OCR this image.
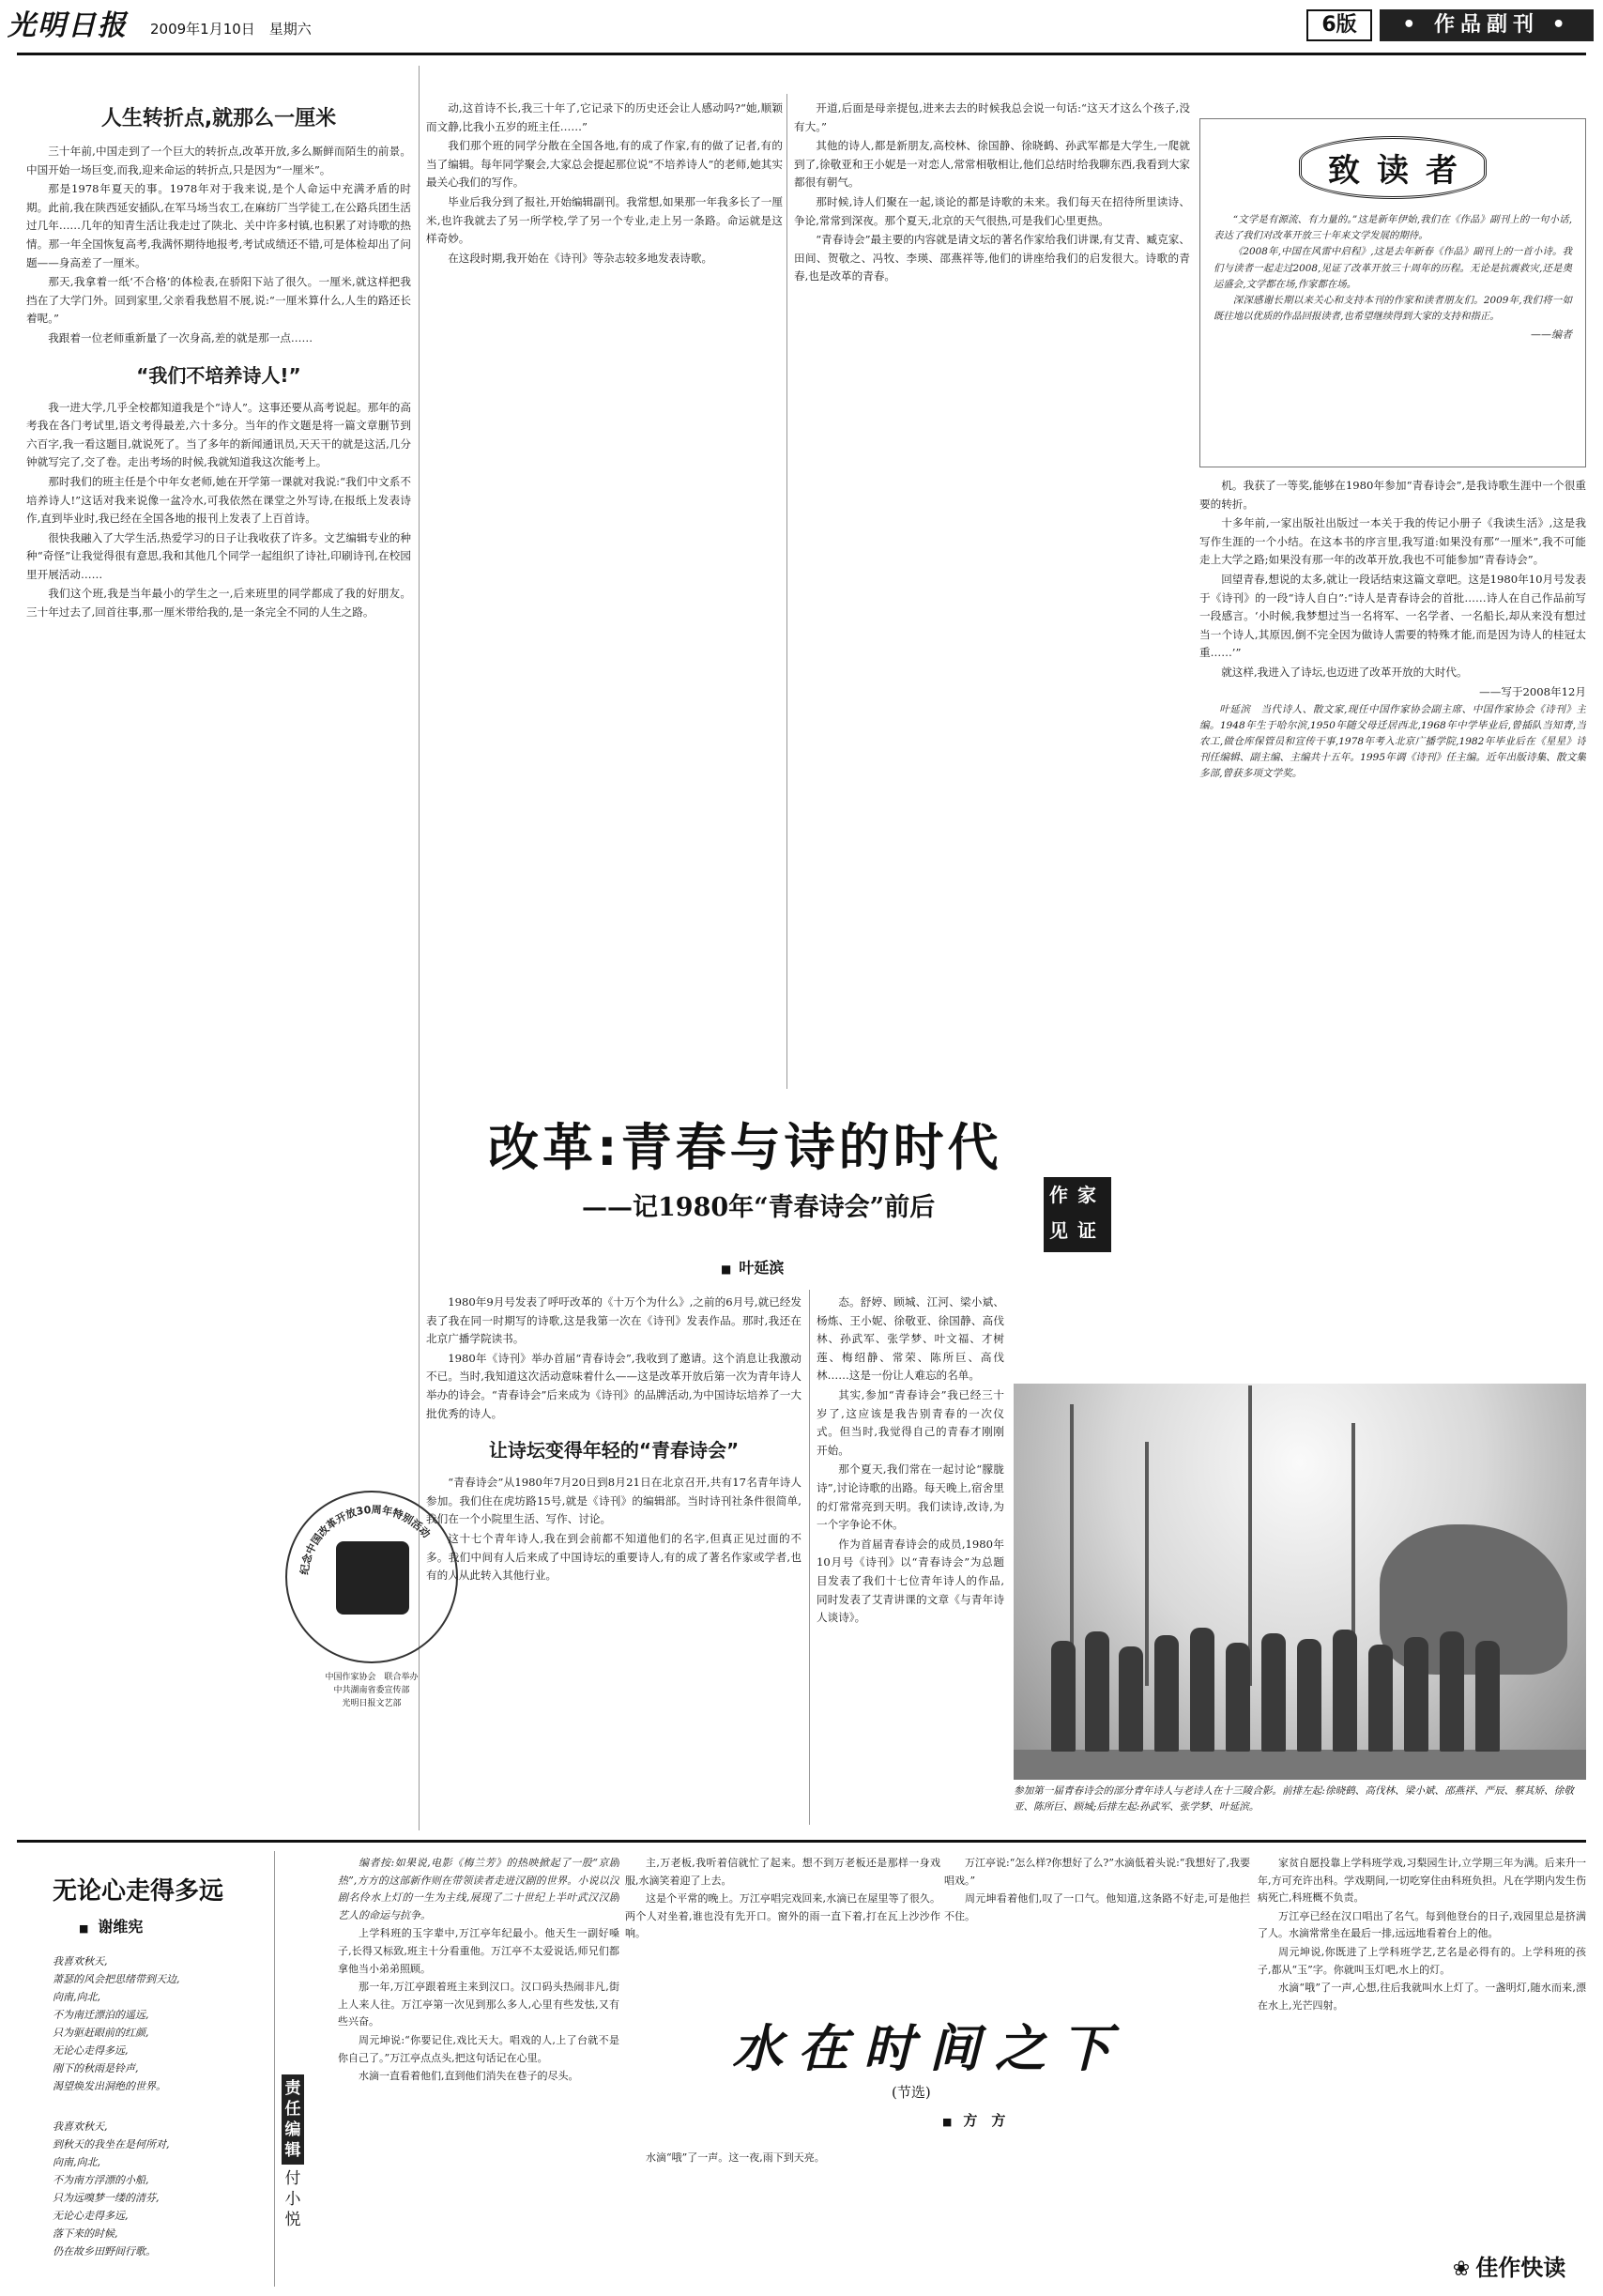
光明日报 2009年1月10日　星期六	6版	• 作品副刊 •
人生转折点,就那么一厘米

三十年前,中国走到了一个巨大的转折点,改革开放,多么厮鲜而陌生的前景。中国开始一场巨变,而我,迎来命运的转折点,只是因为“一厘米”。

那是1978年夏天的事。1978年对于我来说,是个人命运中充满矛盾的时期。此前,我在陕西延安插队,在军马场当农工,在麻纺厂当学徒工,在公路兵团生活过几年……几年的知青生活让我走过了陕北、关中许多村镇,也积累了对诗歌的热情。那一年全国恢复高考,我满怀期待地报考,考试成绩还不错,可是体检却出了问题——身高差了一厘米。

那天,我拿着一纸‘不合格’的体检表,在骄阳下站了很久。一厘米,就这样把我挡在了大学门外。回到家里,父亲看我愁眉不展,说:“一厘米算什么,人生的路还长着呢。”

我跟着一位老师重新量了一次身高,差的就是那一点……

“我们不培养诗人!”

我一进大学,几乎全校都知道我是个“诗人”。这事还要从高考说起。那年的高考我在各门考试里,语文考得最差,六十多分。当年的作文题是将一篇文章删节到六百字,我一看这题目,就说死了。当了多年的新闻通讯员,天天干的就是这活,几分钟就写完了,交了卷。走出考场的时候,我就知道我这次能考上。

那时我们的班主任是个中年女老师,她在开学第一课就对我说:“我们中文系不培养诗人!”这话对我来说像一盆冷水,可我依然在课堂之外写诗,在报纸上发表诗作,直到毕业时,我已经在全国各地的报刊上发表了上百首诗。

很快我融入了大学生活,热爱学习的日子让我收获了许多。文艺编辑专业的种种“奇怪”让我觉得很有意思,我和其他几个同学一起组织了诗社,印刷诗刊,在校园里开展活动……

我们这个班,我是当年最小的学生之一,后来班里的同学都成了我的好朋友。三十年过去了,回首往事,那一厘米带给我的,是一条完全不同的人生之路。

动,这首诗不长,我三十年了,它记录下的历史还会让人感动吗?“她,顺颖而文静,比我小五岁的班主任……”

我们那个班的同学分散在全国各地,有的成了作家,有的做了记者,有的当了编辑。每年同学聚会,大家总会提起那位说“不培养诗人”的老师,她其实最关心我们的写作。

毕业后我分到了报社,开始编辑副刊。我常想,如果那一年我多长了一厘米,也许我就去了另一所学校,学了另一个专业,走上另一条路。命运就是这样奇妙。

在这段时期,我开始在《诗刊》等杂志较多地发表诗歌。

开道,后面是母亲提包,进来去去的时候我总会说一句话:“这天才这么个孩子,没有大。”

其他的诗人,都是新朋友,高校林、徐国静、徐晓鹤、孙武军都是大学生,一爬就到了,徐敬亚和王小妮是一对恋人,常常相敬相让,他们总结时给我聊东西,我看到大家都很有朝气。

那时候,诗人们聚在一起,谈论的都是诗歌的未来。我们每天在招待所里读诗、争论,常常到深夜。那个夏天,北京的天气很热,可是我们心里更热。

“青春诗会”最主要的内容就是请文坛的著名作家给我们讲课,有艾青、臧克家、田间、贺敬之、冯牧、李瑛、邵燕祥等,他们的讲座给我们的启发很大。诗歌的青春,也是改革的青春。

致读者

“文学是有源流、有力量的。”这是新年伊始,我们在《作品》副刊上的一句小话,表达了我们对改革开放三十年来文学发展的期待。

《2008年,中国在风雷中启程》,这是去年新春《作品》副刊上的一首小诗。我们与读者一起走过2008,见证了改革开放三十周年的历程。无论是抗震救灾,还是奥运盛会,文学都在场,作家都在场。

深深感谢长期以来关心和支持本刊的作家和读者朋友们。2009年,我们将一如既往地以优质的作品回报读者,也希望继续得到大家的支持和指正。

——编者

机。我获了一等奖,能够在1980年参加“青春诗会”,是我诗歌生涯中一个很重要的转折。

十多年前,一家出版社出版过一本关于我的传记小册子《我读生活》,这是我写作生涯的一个小结。在这本书的序言里,我写道:如果没有那“一厘米”,我不可能走上大学之路;如果没有那一年的改革开放,我也不可能参加“青春诗会”。

回望青春,想说的太多,就让一段话结束这篇文章吧。这是1980年10月号发表于《诗刊》的一段“诗人自白”:“诗人是青春诗会的首批……诗人在自己作品前写一段感言。‘小时候,我梦想过当一名将军、一名学者、一名船长,却从来没有想过当一个诗人,其原因,倒不完全因为做诗人需要的特殊才能,而是因为诗人的桂冠太重……’”

就这样,我进入了诗坛,也迈进了改革开放的大时代。

——写于2008年12月

叶延滨　当代诗人、散文家,现任中国作家协会副主席、中国作家协会《诗刊》主编。1948年生于哈尔滨,1950年随父母迁居西北,1968年中学毕业后,曾插队当知青,当农工,做仓库保管员和宣传干事,1978年考入北京广播学院,1982年毕业后在《星星》诗刊任编辑、副主编、主编共十五年。1995年调《诗刊》任主编。近年出版诗集、散文集多部,曾获多项文学奖。

改革:青春与诗的时代
——记1980年“青春诗会”前后
■ 叶延滨
作家见证

1980年9月号发表了呼吁改革的《十万个为什么》,之前的6月号,就已经发表了我在同一时期写的诗歌,这是我第一次在《诗刊》发表作品。那时,我还在北京广播学院读书。

1980年《诗刊》举办首届“青春诗会”,我收到了邀请。这个消息让我激动不已。当时,我知道这次活动意味着什么——这是改革开放后第一次为青年诗人举办的诗会。“青春诗会”后来成为《诗刊》的品牌活动,为中国诗坛培养了一大批优秀的诗人。

让诗坛变得年轻的“青春诗会”

“青春诗会”从1980年7月20日到8月21日在北京召开,共有17名青年诗人参加。我们住在虎坊路15号,就是《诗刊》的编辑部。当时诗刊社条件很简单,我们在一个小院里生活、写作、讨论。

这十七个青年诗人,我在到会前都不知道他们的名字,但真正见过面的不多。我们中间有人后来成了中国诗坛的重要诗人,有的成了著名作家或学者,也有的人从此转入其他行业。

态。舒婷、顾城、江河、梁小斌、杨炼、王小妮、徐敬亚、徐国静、高伐林、孙武军、张学梦、叶文福、才树莲、梅绍静、常荣、陈所巨、高伐林……这是一份让人难忘的名单。

其实,参加“青春诗会”我已经三十岁了,这应该是我告别青春的一次仪式。但当时,我觉得自己的青春才刚刚开始。

那个夏天,我们常在一起讨论“朦胧诗”,讨论诗歌的出路。每天晚上,宿舍里的灯常常亮到天明。我们读诗,改诗,为一个字争论不休。

作为首届青春诗会的成员,1980年10月号《诗刊》以“青春诗会”为总题目发表了我们十七位青年诗人的作品,同时发表了艾青讲课的文章《与青年诗人谈诗》。

纪念中国改革开放30周年特别活动
中国作家协会　联合举办
中共湖南省委宣传部
光明日报文艺部
参加第一届青春诗会的部分青年诗人与老诗人在十三陵合影。前排左起:徐晓鹤、高伐林、梁小斌、邵燕祥、严辰、蔡其矫、徐敬亚、陈所巨、顾城;后排左起:孙武军、张学梦、叶延滨。
无论心走得多远
■ 谢维宪
我喜欢秋天,
萧瑟的风会把思绪带到天边,
向南,向北,
不为南迁漂泊的遥远,
只为驱赶眼前的红颜,
无论心走得多远,
刚下的秋雨是铃声,
渴望焕发出洞绝的世界。
我喜欢秋天,
到秋天的我坐在是何所对,
向南,向北,
不为南方浮漂的小船,
只为远嗅梦一缕的清芬,
无论心走得多远,
落下来的时候,
仍在故乡田野间行歌。
责任编辑 付小悦

编者按:如果说,电影《梅兰芳》的热映掀起了一股“京剧热”,方方的这部新作则在带领读者走进汉剧的世界。小说以汉剧名伶水上灯的一生为主线,展现了二十世纪上半叶武汉汉剧艺人的命运与抗争。

上学科班的玉字辈中,万江亭年纪最小。他天生一副好嗓子,长得又标致,班主十分看重他。万江亭不太爱说话,师兄们都拿他当小弟弟照顾。

那一年,万江亭跟着班主来到汉口。汉口码头热闹非凡,街上人来人往。万江亭第一次见到那么多人,心里有些发怯,又有些兴奋。

周元坤说:“你要记住,戏比天大。唱戏的人,上了台就不是你自己了。”万江亭点点头,把这句话记在心里。

水滴一直看着他们,直到他们消失在巷子的尽头。

主,万老板,我听着信就忙了起来。想不到万老板还是那样一身戏服,水滴笑着迎了上去。

这是个平常的晚上。万江亭唱完戏回来,水滴已在屋里等了很久。两个人对坐着,谁也没有先开口。窗外的雨一直下着,打在瓦上沙沙作响。

万江亭说:“怎么样?你想好了么?”水滴低着头说:“我想好了,我要唱戏。”

周元坤看着他们,叹了一口气。他知道,这条路不好走,可是他拦不住。

水在时间之下
(节选)
■ 方　方

水滴“哦”了一声。这一夜,雨下到天亮。

家贫自愿投靠上学科班学戏,习梨园生计,立学期三年为满。后来升一年,方可充许出科。学戏期间,一切吃穿住由科班负担。凡在学期内发生伤病死亡,科班概不负责。

万江亭已经在汉口唱出了名气。每到他登台的日子,戏园里总是挤满了人。水滴常常坐在最后一排,远远地看着台上的他。

周元坤说,你既进了上学科班学艺,艺名是必得有的。上学科班的孩子,都从“玉”字。你就叫玉灯吧,水上的灯。

水滴“哦”了一声,心想,往后我就叫水上灯了。一盏明灯,随水而来,漂在水上,光芒四射。

❀ 佳作快读
